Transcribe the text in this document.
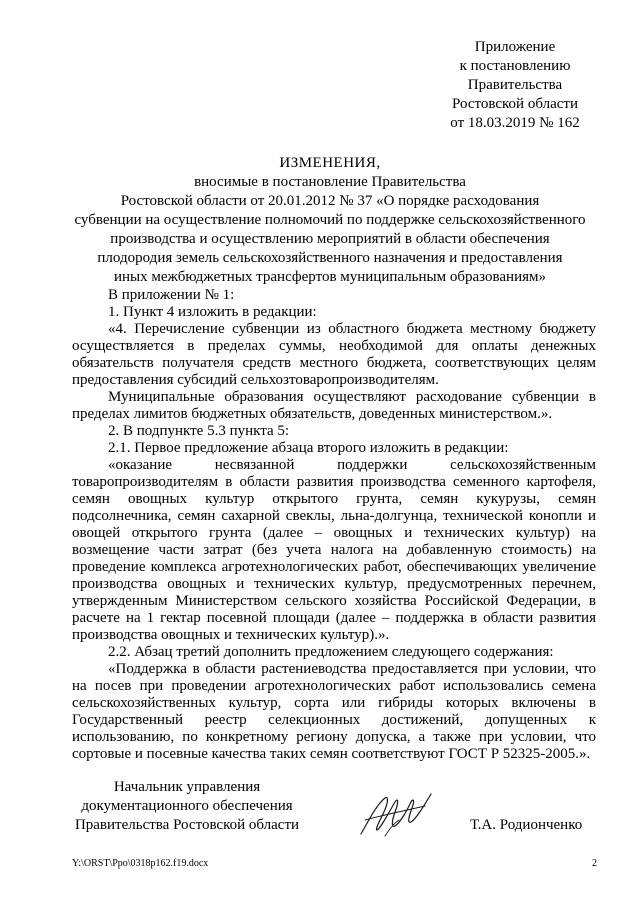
Приложение
к постановлению
Правительства
Ростовской области
от 18.03.2019 № 162
ИЗМЕНЕНИЯ,
вносимые в постановление Правительства
Ростовской области от 20.01.2012 № 37 «О порядке расходования
субвенции на осуществление полномочий по поддержке сельскохозяйственного
производства и осуществлению мероприятий в области обеспечения
плодородия земель сельскохозяйственного назначения и предоставления
иных межбюджетных трансфертов муниципальным образованиям»

В приложении № 1:

1. Пункт 4 изложить в редакции:

«4. Перечисление субвенции из областного бюджета местному бюджету осуществляется в пределах суммы, необходимой для оплаты денежных обязательств получателя средств местного бюджета, соответствующих целям предоставления субсидий сельхозтоваропроизводителям.

Муниципальные образования осуществляют расходование субвенции в пределах лимитов бюджетных обязательств, доведенных министерством.».

2. В подпункте 5.3 пункта 5:

2.1. Первое предложение абзаца второго изложить в редакции:

«оказание несвязанной поддержки сельскохозяйственным товаропроизводителям в области развития производства семенного картофеля, семян овощных культур открытого грунта, семян кукурузы, семян подсолнечника, семян сахарной свеклы, льна-долгунца, технической конопли и овощей открытого грунта (далее – овощных и технических культур) на возмещение части затрат (без учета налога на добавленную стоимость) на проведение комплекса агротехнологических работ, обеспечивающих увеличение производства овощных и технических культур, предусмотренных перечнем, утвержденным Министерством сельского хозяйства Российской Федерации, в расчете на 1 гектар посевной площади (далее – поддержка в области развития производства овощных и технических культур).».

2.2. Абзац третий дополнить предложением следующего содержания:

«Поддержка в области растениеводства предоставляется при условии, что на посев при проведении агротехнологических работ использовались семена сельскохозяйственных культур, сорта или гибриды которых включены в Государственный реестр селекционных достижений, допущенных к использованию, по конкретному региону допуска, а также при условии, что сортовые и посевные качества таких семян соответствуют ГОСТ Р 52325-2005.».

Начальник управления
документационного обеспечения
Правительства Ростовской области	Т.А. Родионченко
Y:\ORST\Ppo\0318p162.f19.docx	2
